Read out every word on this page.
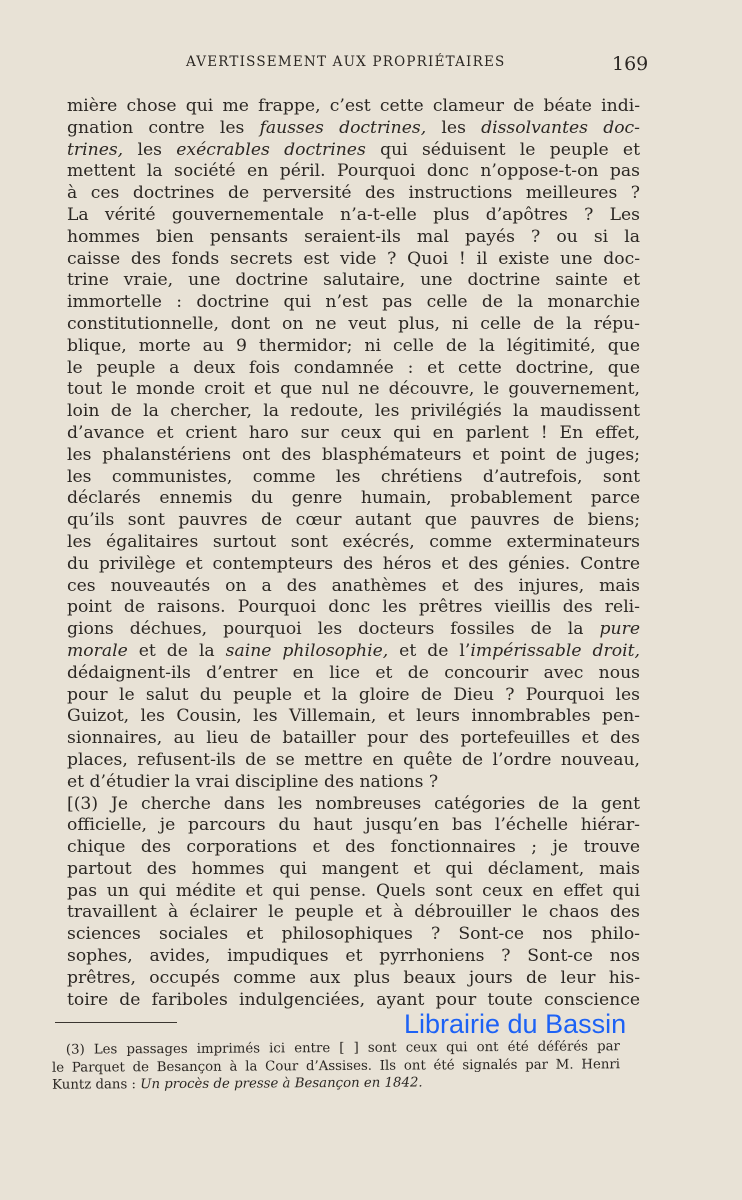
AVERTISSEMENT AUX PROPRIÉTAIRES	169
mière chose qui me frappe, c’est cette clameur de béate indi-
gnation contre les fausses doctrines, les dissolvantes doc-
trines, les exécrables doctrines qui séduisent le peuple et
mettent la société en péril. Pourquoi donc n’oppose-t-on pas
à ces doctrines de perversité des instructions meilleures ?
La vérité gouvernementale n’a-t-elle plus d’apôtres ? Les
hommes bien pensants seraient-ils mal payés ? ou si la
caisse des fonds secrets est vide ? Quoi ! il existe une doc-
trine vraie, une doctrine salutaire, une doctrine sainte et
immortelle : doctrine qui n’est pas celle de la monarchie
constitutionnelle, dont on ne veut plus, ni celle de la répu-
blique, morte au 9 thermidor; ni celle de la légitimité, que
le peuple a deux fois condamnée : et cette doctrine, que
tout le monde croit et que nul ne découvre, le gouvernement,
loin de la chercher, la redoute, les privilégiés la maudissent
d’avance et crient haro sur ceux qui en parlent ! En effet,
les phalanstériens ont des blasphémateurs et point de juges;
les communistes, comme les chrétiens d’autrefois, sont
déclarés ennemis du genre humain, probablement parce
qu’ils sont pauvres de cœur autant que pauvres de biens;
les égalitaires surtout sont exécrés, comme exterminateurs
du privilège et contempteurs des héros et des génies. Contre
ces nouveautés on a des anathèmes et des injures, mais
point de raisons. Pourquoi donc les prêtres vieillis des reli-
gions déchues, pourquoi les docteurs fossiles de la pure
morale et de la saine philosophie, et de l’impérissable droit,
dédaignent-ils d’entrer en lice et de concourir avec nous
pour le salut du peuple et la gloire de Dieu ? Pourquoi les
Guizot, les Cousin, les Villemain, et leurs innombrables pen-
sionnaires, au lieu de batailler pour des portefeuilles et des
places, refusent-ils de se mettre en quête de l’ordre nouveau,
et d’étudier la vrai discipline des nations ?
[(3) Je cherche dans les nombreuses catégories de la gent
officielle, je parcours du haut jusqu’en bas l’échelle hiérar-
chique des corporations et des fonctionnaires ; je trouve
partout des hommes qui mangent et qui déclament, mais
pas un qui médite et qui pense. Quels sont ceux en effet qui
travaillent à éclairer le peuple et à débrouiller le chaos des
sciences sociales et philosophiques ? Sont-ce nos philo-
sophes, avides, impudiques et pyrrhoniens ? Sont-ce nos
prêtres, occupés comme aux plus beaux jours de leur his-
toire de fariboles indulgenciées, ayant pour toute conscience
(3) Les passages imprimés ici entre [ ] sont ceux qui ont été déférés par
le Parquet de Besançon à la Cour d’Assises. Ils ont été signalés par M. Henri
Kuntz dans : Un procès de presse à Besançon en 1842.
Librairie du Bassin
